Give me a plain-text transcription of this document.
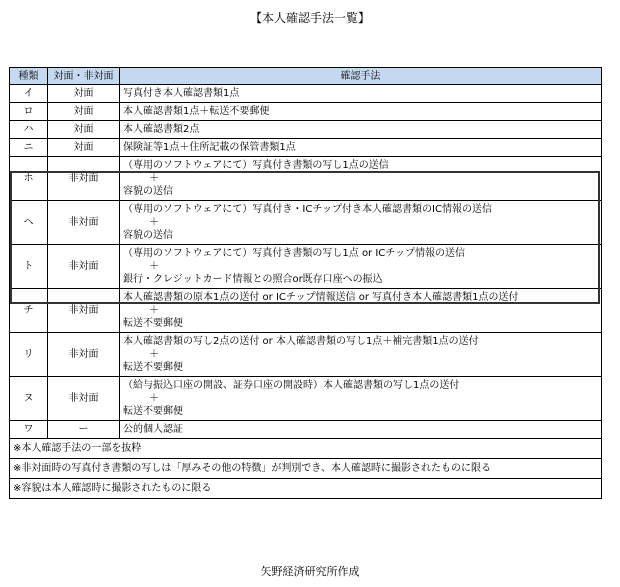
【本人確認手法一覧】
種類	対面・非対面	確認手法
イ	対面	写真付き本人確認書類1点
ロ	対面	本人確認書類1点＋転送不要郵便
ハ	対面	本人確認書類2点
ニ	対面	保険証等1点＋住所記載の保管書類1点
ホ	非対面	（専用のソフトウェアにて）写真付き書類の写し1点の送信
＋
容貌の送信

ヘ	非対面	（専用のソフトウェアにて）写真付き・ICチップ付き本人確認書類のIC情報の送信
＋
容貌の送信

ト	非対面	（専用のソフトウェアにて）写真付き書類の写し1点 or ICチップ情報の送信
＋
銀行・クレジットカード情報との照合or既存口座への振込

チ	非対面	本人確認書類の原本1点の送付 or ICチップ情報送信 or 写真付き本人確認書類1点の送付
＋
転送不要郵便

リ	非対面	本人確認書類の写し2点の送付 or 本人確認書類の写し1点＋補完書類1点の送付
＋
転送不要郵便

ヌ	非対面	（給与振込口座の開設、証券口座の開設時）本人確認書類の写し1点の送付
＋
転送不要郵便

ワ	ー	公的個人認証
※本人確認手法の一部を抜粋		
※非対面時の写真付き書類の写しは「厚みその他の特徴」が判別でき、本人確認時に撮影されたものに限る		
※容貌は本人確認時に撮影されたものに限る		
矢野経済研究所作成
